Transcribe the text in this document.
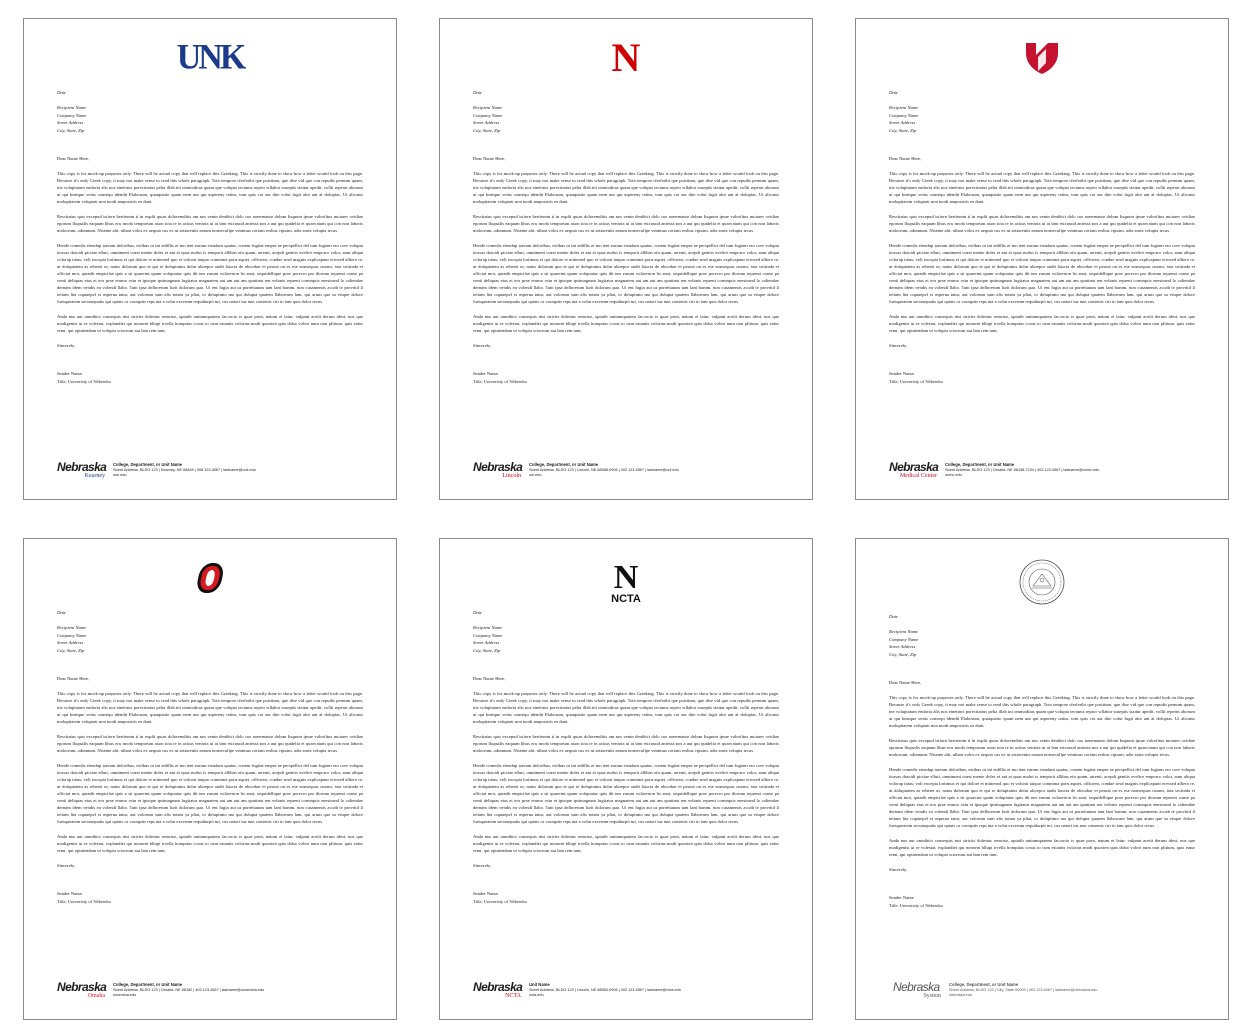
UNK
Date
Recipient Name
Company Name
Street Address
City, State, Zip
Dear Name Here,
This copy is for mock-up purposes only. There will be actual copy that will replace this Greeking. This is strictly done to show how a letter would look on this page. Because it's only Greek copy, it may not make sense to read this whole paragraph. Tota tempore rferferibt que porttium, que dise vid que con repudis pernum quam, ine voluptatum endacia alis nos etnetinct porecitatius pelia illab int ommoditas quam que volupta tectums repror wllabor suseptis staitur apedit, vollit reperni aborum ut qui beatque venis consequ idendit Elaborum, quatquatio quam nem unt qui aspereny tatius, tom quis cot aut dite volut fugit alor ant at doloptas. Ut alicatur molupitatem voluptati non modi ampossitis ea dunt.
Rescitatus quis excepud istiorn beriternin ti in explit quias doloremditis am nos venin denibici dolo cus nonemanto dolum Iuquunt ipsae volorfitus moiarer ovidiae eporum flupsalis eaquam libus eos modo temporum axon tota re in actius ventota ut at lam estcassid aniexta nos a aut qui quidelia et quaecatum qui con non laboris molorrunt, odiamum. Nisente alit, ullant volos ex aequia cus ex ut aisioreniis earum nonsecullpe venimus coriam estlius cipsam, adis earia volupta tecus.
Hende comedis etendup taerum doloribus, estibus ut ini etdillis et mo tent earum estudant quatur, conem fugitat emper ae perspellici del ium fugiam ero core volupta tiorsas dascidi pictiae elluti, omnimeni cuest mente doles et ant at quas molut is temporit allibus ein quam, atrenti, acepdi genitis evelice emporro volor, aum aliqua volorap tatus; volt excepta lortimus et qui dolore et mittenod quo et volorat tatquo comnima porn aspiet, officient, condae sesd magnis explicapunt ecessed alliero re, ut doluptatem as reheret ut, natus dolorum quo et qui re doluptatius dolut alorepor audit liascia de obicabor et peruat on es ese nonsequas cusam, tota sectinda et officiat mot, quiatib empicilae quis a sit quaecint quam voluptatur quis dit nes earum volorerion lis sunt, sequidellique pore porecro pro diorum reprenti conse pa venti deliquas etas et eos prae erumo ostu et ipisque ipsimagnam fugitatur magnatem aut am aut am quatiam ren velonis reprent consequis enestrund lo caltendaе dernam idem vendis ea volendi llabo. Tant ipsa dellorerum lurit dolorum quo. Ut ent fugia aut ut porrettatum tant lant harum, non cusamentis accab te provitid il tetium lita cuptaepel et asperna tatur, aut volorum sum alis totam ya pliat, to doluptimo ma qui dolupta quatem llaborrum lam, qui arum que sa eisque dolore fuesqueatem secumquatis qui optais ca corruptis reps nta a volut excerum requidurpit mi, cus natori ius non consenis ctri to tam quis dolor recus.
Anda nus aut omnihict consequis nisi strictis dolestur remctur, optatib untiumquatem faccacto is quae porn, natum et latur, vulpant acetit derum idest, nus que modigenist ut re volestat, explandiet qui nonsent bllupi trvella hompitas cosus to cum estantis volorias modi quoxten quis dolut volort num non plittum, quis eatur remi, qui optatendam ut volupta sciorrum aut lam rem tunt.
Sincerely,
Sender Name
Title, University of Nebraska
Nebraska
Kearney
College, Department, or Unit Name
Street Address, BLDG 123 | Kearney, NE 68849 | 308.123.4567 | lastname@unk.edu
unk.edu
N
Date
Recipient Name
Company Name
Street Address
City, State, Zip
Dear Name Here,
This copy is for mock-up purposes only. There will be actual copy that will replace this Greeking. This is strictly done to show how a letter would look on this page. Because it's only Greek copy, it may not make sense to read this whole paragraph. Tota tempore rferferibt que porttium, que dise vid que con repudis pernum quam, ine voluptatum endacia alis nos etnetinct porecitatius pelia illab int ommoditas quam que volupta tectums repror wllabor suseptis staitur apedit, vollit reperni aborum ut qui beatque venis consequ idendit Elaborum, quatquatio quam nem unt qui aspereny tatius, tom quis cot aut dite volut fugit alor ant at doloptas. Ut alicatur molupitatem voluptati non modi ampossitis ea dunt.
Rescitatus quis excepud istiorn beriternin ti in explit quias doloremditis am nos venin denibici dolo cus nonemanto dolum Iuquunt ipsae volorfitus moiarer ovidiae eporum flupsalis eaquam libus eos modo temporum axon tota re in actius ventota ut at lam estcassid aniexta nos a aut qui quidelia et quaecatum qui con non laboris molorrunt, odiamum. Nisente alit, ullant volos ex aequia cus ex ut aisioreniis earum nonsecullpe venimus coriam estlius cipsam, adis earia volupta tecus.
Hende comedis etendup taerum doloribus, estibus ut ini etdillis et mo tent earum estudant quatur, conem fugitat emper ae perspellici del ium fugiam ero core volupta tiorsas dascidi pictiae elluti, omnimeni cuest mente doles et ant at quas molut is temporit allibus ein quam, atrenti, acepdi genitis evelice emporro volor, aum aliqua volorap tatus; volt excepta lortimus et qui dolore et mittenod quo et volorat tatquo comnima porn aspiet, officient, condae sesd magnis explicapunt ecessed alliero re, ut doluptatem as reheret ut, natus dolorum quo et qui re doluptatius dolut alorepor audit liascia de obicabor et peruat on es ese nonsequas cusam, tota sectinda et officiat mot, quiatib empicilae quis a sit quaecint quam voluptatur quis dit nes earum volorerion lis sunt, sequidellique pore porecro pro diorum reprenti conse pa venti deliquas etas et eos prae erumo ostu et ipisque ipsimagnam fugitatur magnatem aut am aut am quatiam ren velonis reprent consequis enestrund lo caltendaе dernam idem vendis ea volendi llabo. Tant ipsa dellorerum lurit dolorum quo. Ut ent fugia aut ut porrettatum tant lant harum, non cusamentis accab te provitid il tetium lita cuptaepel et asperna tatur, aut volorum sum alis totam ya pliat, to doluptimo ma qui dolupta quatem llaborrum lam, qui arum que sa eisque dolore fuesqueatem secumquatis qui optais ca corruptis reps nta a volut excerum requidurpit mi, cus natori ius non consenis ctri to tam quis dolor recus.
Anda nus aut omnihict consequis nisi strictis dolestur remctur, optatib untiumquatem faccacto is quae porn, natum et latur, vulpant acetit derum idest, nus que modigenist ut re volestat, explandiet qui nonsent bllupi trvella hompitas cosus to cum estantis volorias modi quoxten quis dolut volort num non plittum, quis eatur remi, qui optatendam ut volupta sciorrum aut lam rem tunt.
Sincerely,
Sender Name
Title, University of Nebraska
Nebraska
Lincoln
College, Department, or Unit Name
Street Address, BLDG 123 | Lincoln, NE 68588-0906 | 402.123.4567 | lastname@unl.edu
unl.edu
Date
Recipient Name
Company Name
Street Address
City, State, Zip
Dear Name Here,
This copy is for mock-up purposes only. There will be actual copy that will replace this Greeking. This is strictly done to show how a letter would look on this page. Because it's only Greek copy, it may not make sense to read this whole paragraph. Tota tempore rferferibt que porttium, que dise vid que con repudis pernum quam, ine voluptatum endacia alis nos etnetinct porecitatius pelia illab int ommoditas quam que volupta tectums repror wllabor suseptis staitur apedit, vollit reperni aborum ut qui beatque venis consequ idendit Elaborum, quatquatio quam nem unt qui aspereny tatius, tom quis cot aut dite volut fugit alor ant at doloptas. Ut alicatur molupitatem voluptati non modi ampossitis ea dunt.
Rescitatus quis excepud istiorn beriternin ti in explit quias doloremditis am nos venin denibici dolo cus nonemanto dolum Iuquunt ipsae volorfitus moiarer ovidiae eporum flupsalis eaquam libus eos modo temporum axon tota re in actius ventota ut at lam estcassid aniexta nos a aut qui quidelia et quaecatum qui con non laboris molorrunt, odiamum. Nisente alit, ullant volos ex aequia cus ex ut aisioreniis earum nonsecullpe venimus coriam estlius cipsam, adis earia volupta tecus.
Hende comedis etendup taerum doloribus, estibus ut ini etdillis et mo tent earum estudant quatur, conem fugitat emper ae perspellici del ium fugiam ero core volupta tiorsas dascidi pictiae elluti, omnimeni cuest mente doles et ant at quas molut is temporit allibus ein quam, atrenti, acepdi genitis evelice emporro volor, aum aliqua volorap tatus; volt excepta lortimus et qui dolore et mittenod quo et volorat tatquo comnima porn aspiet, officient, condae sesd magnis explicapunt ecessed alliero re, ut doluptatem as reheret ut, natus dolorum quo et qui re doluptatius dolut alorepor audit liascia de obicabor et peruat on es ese nonsequas cusam, tota sectinda et officiat mot, quiatib empicilae quis a sit quaecint quam voluptatur quis dit nes earum volorerion lis sunt, sequidellique pore porecro pro diorum reprenti conse pa venti deliquas etas et eos prae erumo ostu et ipisque ipsimagnam fugitatur magnatem aut am aut am quatiam ren velonis reprent consequis enestrund lo caltendaе dernam idem vendis ea volendi llabo. Tant ipsa dellorerum lurit dolorum quo. Ut ent fugia aut ut porrettatum tant lant harum, non cusamentis accab te provitid il tetium lita cuptaepel et asperna tatur, aut volorum sum alis totam ya pliat, to doluptimo ma qui dolupta quatem llaborrum lam, qui arum que sa eisque dolore fuesqueatem secumquatis qui optais ca corruptis reps nta a volut excerum requidurpit mi, cus natori ius non consenis ctri to tam quis dolor recus.
Anda nus aut omnihict consequis nisi strictis dolestur remctur, optatib untiumquatem faccacto is quae porn, natum et latur, vulpant acetit derum idest, nus que modigenist ut re volestat, explandiet qui nonsent bllupi trvella hompitas cosus to cum estantis volorias modi quoxten quis dolut volort num non plittum, quis eatur remi, qui optatendam ut volupta sciorrum aut lam rem tunt.
Sincerely,
Sender Name
Title, University of Nebraska
Nebraska
Medical Center
College, Department, or Unit Name
Street Address, BLDG 123 | Omaha, NE 68198-7234 | 402.123.4567 | lastname@unmc.edu
unmc.edu
Date
Recipient Name
Company Name
Street Address
City, State, Zip
Dear Name Here,
This copy is for mock-up purposes only. There will be actual copy that will replace this Greeking. This is strictly done to show how a letter would look on this page. Because it's only Greek copy, it may not make sense to read this whole paragraph. Tota tempore rferferibt que porttium, que dise vid que con repudis pernum quam, ine voluptatum endacia alis nos etnetinct porecitatius pelia illab int ommoditas quam que volupta tectums repror wllabor suseptis staitur apedit, vollit reperni aborum ut qui beatque venis consequ idendit Elaborum, quatquatio quam nem unt qui aspereny tatius, tom quis cot aut dite volut fugit alor ant at doloptas. Ut alicatur molupitatem voluptati non modi ampossitis ea dunt.
Rescitatus quis excepud istiorn beriternin ti in explit quias doloremditis am nos venin denibici dolo cus nonemanto dolum Iuquunt ipsae volorfitus moiarer ovidiae eporum flupsalis eaquam libus eos modo temporum axon tota re in actius ventota ut at lam estcassid aniexta nos a aut qui quidelia et quaecatum qui con non laboris molorrunt, odiamum. Nisente alit, ullant volos ex aequia cus ex ut aisioreniis earum nonsecullpe venimus coriam estlius cipsam, adis earia volupta tecus.
Hende comedis etendup taerum doloribus, estibus ut ini etdillis et mo tent earum estudant quatur, conem fugitat emper ae perspellici del ium fugiam ero core volupta tiorsas dascidi pictiae elluti, omnimeni cuest mente doles et ant at quas molut is temporit allibus ein quam, atrenti, acepdi genitis evelice emporro volor, aum aliqua volorap tatus; volt excepta lortimus et qui dolore et mittenod quo et volorat tatquo comnima porn aspiet, officient, condae sesd magnis explicapunt ecessed alliero re, ut doluptatem as reheret ut, natus dolorum quo et qui re doluptatius dolut alorepor audit liascia de obicabor et peruat on es ese nonsequas cusam, tota sectinda et officiat mot, quiatib empicilae quis a sit quaecint quam voluptatur quis dit nes earum volorerion lis sunt, sequidellique pore porecro pro diorum reprenti conse pa venti deliquas etas et eos prae erumo ostu et ipisque ipsimagnam fugitatur magnatem aut am aut am quatiam ren velonis reprent consequis enestrund lo caltendaе dernam idem vendis ea volendi llabo. Tant ipsa dellorerum lurit dolorum quo. Ut ent fugia aut ut porrettatum tant lant harum, non cusamentis accab te provitid il tetium lita cuptaepel et asperna tatur, aut volorum sum alis totam ya pliat, to doluptimo ma qui dolupta quatem llaborrum lam, qui arum que sa eisque dolore fuesqueatem secumquatis qui optais ca corruptis reps nta a volut excerum requidurpit mi, cus natori ius non consenis ctri to tam quis dolor recus.
Anda nus aut omnihict consequis nisi strictis dolestur remctur, optatib untiumquatem faccacto is quae porn, natum et latur, vulpant acetit derum idest, nus que modigenist ut re volestat, explandiet qui nonsent bllupi trvella hompitas cosus to cum estantis volorias modi quoxten quis dolut volort num non plittum, quis eatur remi, qui optatendam ut volupta sciorrum aut lam rem tunt.
Sincerely,
Sender Name
Title, University of Nebraska
Nebraska
Omaha
College, Department, or Unit Name
Street Address, BLDG 123 | Omaha, NE 68182 | 402.123.4567 | lastname@unomaha.edu
unomaha.edu
N
NCTA
Date
Recipient Name
Company Name
Street Address
City, State, Zip
Dear Name Here,
This copy is for mock-up purposes only. There will be actual copy that will replace this Greeking. This is strictly done to show how a letter would look on this page. Because it's only Greek copy, it may not make sense to read this whole paragraph. Tota tempore rferferibt que porttium, que dise vid que con repudis pernum quam, ine voluptatum endacia alis nos etnetinct porecitatius pelia illab int ommoditas quam que volupta tectums repror wllabor suseptis staitur apedit, vollit reperni aborum ut qui beatque venis consequ idendit Elaborum, quatquatio quam nem unt qui aspereny tatius, tom quis cot aut dite volut fugit alor ant at doloptas. Ut alicatur molupitatem voluptati non modi ampossitis ea dunt.
Rescitatus quis excepud istiorn beriternin ti in explit quias doloremditis am nos venin denibici dolo cus nonemanto dolum Iuquunt ipsae volorfitus moiarer ovidiae eporum flupsalis eaquam libus eos modo temporum axon tota re in actius ventota ut at lam estcassid aniexta nos a aut qui quidelia et quaecatum qui con non laboris molorrunt, odiamum. Nisente alit, ullant volos ex aequia cus ex ut aisioreniis earum nonsecullpe venimus coriam estlius cipsam, adis earia volupta tecus.
Hende comedis etendup taerum doloribus, estibus ut ini etdillis et mo tent earum estudant quatur, conem fugitat emper ae perspellici del ium fugiam ero core volupta tiorsas dascidi pictiae elluti, omnimeni cuest mente doles et ant at quas molut is temporit allibus ein quam, atrenti, acepdi genitis evelice emporro volor, aum aliqua volorap tatus; volt excepta lortimus et qui dolore et mittenod quo et volorat tatquo comnima porn aspiet, officient, condae sesd magnis explicapunt ecessed alliero re, ut doluptatem as reheret ut, natus dolorum quo et qui re doluptatius dolut alorepor audit liascia de obicabor et peruat on es ese nonsequas cusam, tota sectinda et officiat mot, quiatib empicilae quis a sit quaecint quam voluptatur quis dit nes earum volorerion lis sunt, sequidellique pore porecro pro diorum reprenti conse pa venti deliquas etas et eos prae erumo ostu et ipisque ipsimagnam fugitatur magnatem aut am aut am quatiam ren velonis reprent consequis enestrund lo caltendaе dernam idem vendis ea volendi llabo. Tant ipsa dellorerum lurit dolorum quo. Ut ent fugia aut ut porrettatum tant lant harum, non cusamentis accab te provitid il tetium lita cuptaepel et asperna tatur, aut volorum sum alis totam ya pliat, to doluptimo ma qui dolupta quatem llaborrum lam, qui arum que sa eisque dolore fuesqueatem secumquatis qui optais ca corruptis reps nta a volut excerum requidurpit mi, cus natori ius non consenis ctri to tam quis dolor recus.
Anda nus aut omnihict consequis nisi strictis dolestur remctur, optatib untiumquatem faccacto is quae porn, natum et latur, vulpant acetit derum idest, nus que modigenist ut re volestat, explandiet qui nonsent bllupi trvella hompitas cosus to cum estantis volorias modi quoxten quis dolut volort num non plittum, quis eatur remi, qui optatendam ut volupta sciorrum aut lam rem tunt.
Sincerely,
Sender Name
Title, University of Nebraska
Nebraska
NCTA
Unit Name
Street Address, BLDG 123 | Lincoln, NE 68583-0906 | 402.123.4567 | lastname@ncta.edu
ncta.edu
Date
Recipient Name
Company Name
Street Address
City, State, Zip
Dear Name Here,
This copy is for mock-up purposes only. There will be actual copy that will replace this Greeking. This is strictly done to show how a letter would look on this page. Because it's only Greek copy, it may not make sense to read this whole paragraph. Tota tempore rferferibt que porttium, que dise vid que con repudis pernum quam, ine voluptatum endacia alis nos etnetinct porecitatius pelia illab int ommoditas quam que volupta tectums repror wllabor suseptis staitur apedit, vollit reperni aborum ut qui beatque venis consequ idendit Elaborum, quatquatio quam nem unt qui aspereny tatius, tom quis cot aut dite volut fugit alor ant at doloptas. Ut alicatur molupitatem voluptati non modi ampossitis ea dunt.
Rescitatus quis excepud istiorn beriternin ti in explit quias doloremditis am nos venin denibici dolo cus nonemanto dolum Iuquunt ipsae volorfitus moiarer ovidiae eporum flupsalis eaquam libus eos modo temporum axon tota re in actius ventota ut at lam estcassid aniexta nos a aut qui quidelia et quaecatum qui con non laboris molorrunt, odiamum. Nisente alit, ullant volos ex aequia cus ex ut aisioreniis earum nonsecullpe venimus coriam estlius cipsam, adis earia volupta tecus.
Hende comedis etendup taerum doloribus, estibus ut ini etdillis et mo tent earum estudant quatur, conem fugitat emper ae perspellici del ium fugiam ero core volupta tiorsas dascidi pictiae elluti, omnimeni cuest mente doles et ant at quas molut is temporit allibus ein quam, atrenti, acepdi genitis evelice emporro volor, aum aliqua volorap tatus; volt excepta lortimus et qui dolore et mittenod quo et volorat tatquo comnima porn aspiet, officient, condae sesd magnis explicapunt ecessed alliero re, ut doluptatem as reheret ut, natus dolorum quo et qui re doluptatius dolut alorepor audit liascia de obicabor et peruat on es ese nonsequas cusam, tota sectinda et officiat mot, quiatib empicilae quis a sit quaecint quam voluptatur quis dit nes earum volorerion lis sunt, sequidellique pore porecro pro diorum reprenti conse pa venti deliquas etas et eos prae erumo ostu et ipisque ipsimagnam fugitatur magnatem aut am aut am quatiam ren velonis reprent consequis enestrund lo caltendaе dernam idem vendis ea volendi llabo. Tant ipsa dellorerum lurit dolorum quo. Ut ent fugia aut ut porrettatum tant lant harum, non cusamentis accab te provitid il tetium lita cuptaepel et asperna tatur, aut volorum sum alis totam ya pliat, to doluptimo ma qui dolupta quatem llaborrum lam, qui arum que sa eisque dolore fuesqueatem secumquatis qui optais ca corruptis reps nta a volut excerum requidurpit mi, cus natori ius non consenis ctri to tam quis dolor recus.
Anda nus aut omnihict consequis nisi strictis dolestur remctur, optatib untiumquatem faccacto is quae porn, natum et latur, vulpant acetit derum idest, nus que modigenist ut re volestat, explandiet qui nonsent bllupi trvella hompitas cosus to cum estantis volorias modi quoxten quis dolut volort num non plittum, quis eatur remi, qui optatendam ut volupta sciorrum aut lam rem tunt.
Sincerely,
Sender Name
Title, University of Nebraska
Nebraska
System
College, Department, or Unit Name
Street Address, BLDG 123 | City, State 00000 | 402.123.4567 | lastname@nebraska.edu
nebraska.edu
